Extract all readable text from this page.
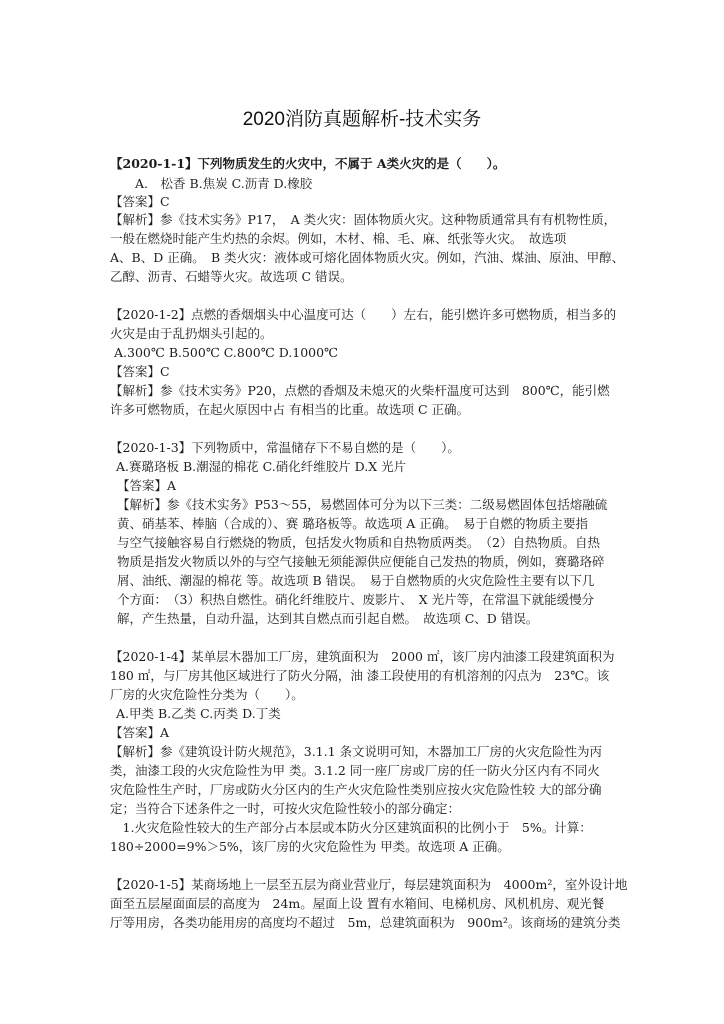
2020消防真题解析-技术实务
【2020-1-1】下列物质发生的火灾中，不属于 A类火灾的是（　　）。
A.　松香 B.焦炭 C.沥青 D.橡胶
【答案】C
【解析】参《技术实务》P17，　A 类火灾：固体物质火灾。这种物质通常具有有机物性质，
一般在燃烧时能产生灼热的余烬。例如，木材、棉、毛、麻、纸张等火灾。　故选项
A、B、D 正确。　B 类火灾：液体或可熔化固体物质火灾。例如，汽油、煤油、原油、甲醇、
乙醇、沥青、石蜡等火灾。故选项 C 错误。
【2020-1-2】点燃的香烟烟头中心温度可达（　　）左右，能引燃许多可燃物质，相当多的
火灾是由于乱扔烟头引起的。
A.300℃ B.500℃ C.800℃ D.1000℃
【答案】C
【解析】参《技术实务》P20，点燃的香烟及未熄灭的火柴杆温度可达到　800℃，能引燃
许多可燃物质，在起火原因中占 有相当的比重。故选项 C 正确。
【2020-1-3】下列物质中，常温储存下不易自燃的是（　　）。
A.赛璐珞板 B.潮湿的棉花 C.硝化纤维胶片 D.X 光片
【答案】A
【解析】参《技术实务》P53～55，易燃固体可分为以下三类：二级易燃固体包括熔融硫
黄、硝基苯、棒脑（合成的）、赛 璐珞板等。故选项 A 正确。　易于自燃的物质主要指
与空气接触容易自行燃烧的物质，包括发火物质和自热物质两类。　（2）自热物质。自热
物质是指发火物质以外的与空气接触无须能源供应便能自己发热的物质，例如，赛璐珞碎
屑、油纸、潮湿的棉花 等。故选项 B 错误。　易于自燃物质的火灾危险性主要有以下几
个方面：　（3）积热自燃性。硝化纤维胶片、废影片、　X 光片等，在常温下就能缓慢分
解，产生热量，自动升温，达到其自燃点而引起自燃。　故选项 C、D 错误。
【2020-1-4】某单层木器加工厂房，建筑面积为　2000 ㎡，该厂房内油漆工段建筑面积为
180 ㎡，与厂房其他区域进行了防火分隔，油 漆工段使用的有机溶剂的闪点为　23℃。该
厂房的火灾危险性分类为（　　）。
A.甲类 B.乙类 C.丙类 D.丁类
【答案】A
【解析】参《建筑设计防火规范》，3.1.1 条文说明可知，木器加工厂房的火灾危险性为丙
类，油漆工段的火灾危险性为甲 类。3.1.2 同一座厂房或厂房的任一防火分区内有不同火
灾危险性生产时，厂房或防火分区内的生产火灾危险性类别应按火灾危险性较 大的部分确
定；当符合下述条件之一时，可按火灾危险性较小的部分确定：
　1.火灾危险性较大的生产部分占本层或本防火分区建筑面积的比例小于　5%。计算：
180÷2000=9%＞5%，该厂房的火灾危险性为 甲类。故选项 A 正确。
【2020-1-5】某商场地上一层至五层为商业营业厅，每层建筑面积为　4000m²，室外设计地
面至五层屋面面层的高度为　24m。屋面上设 置有水箱间、电梯机房、风机机房、观光餐
厅等用房，各类功能用房的高度均不超过　5m，总建筑面积为　900m²。该商场的建筑分类
